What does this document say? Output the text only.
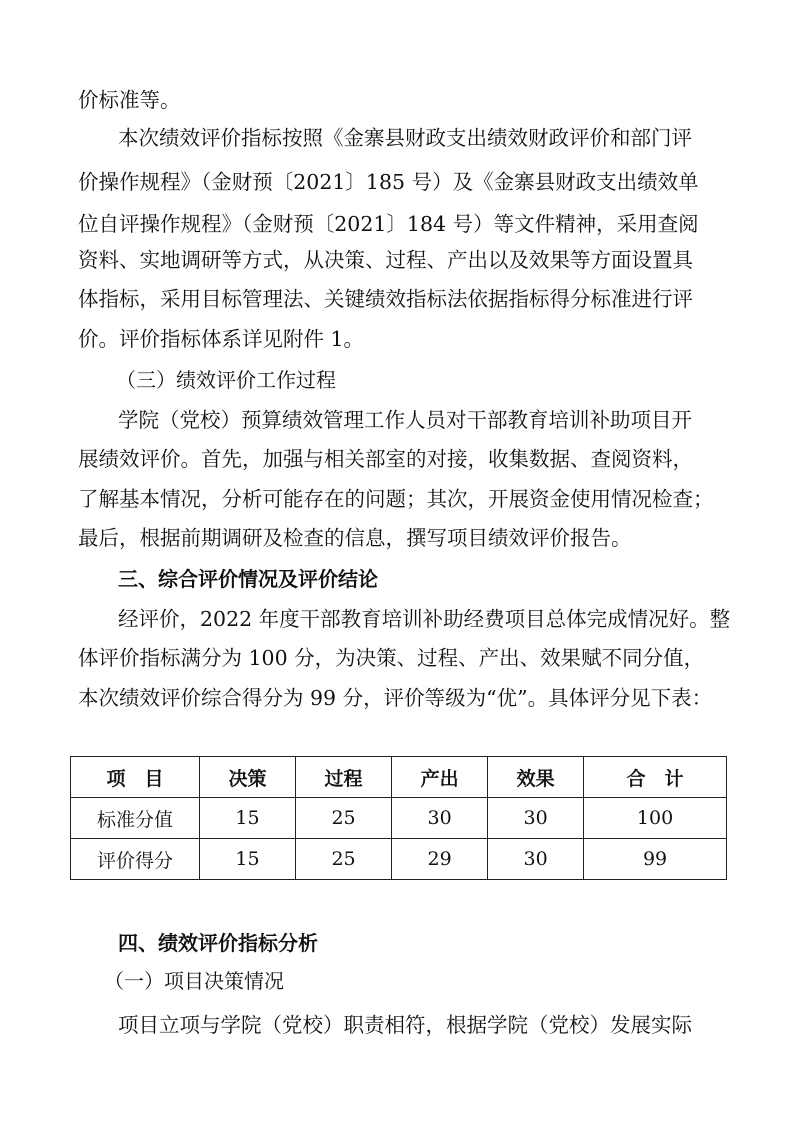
价标准等。
本次绩效评价指标按照《金寨县财政支出绩效财政评价和部门评
价操作规程》（金财预〔2021〕185 号）及《金寨县财政支出绩效单
位自评操作规程》（金财预〔2021〕184 号）等文件精神，采用查阅
资料、实地调研等方式，从决策、过程、产出以及效果等方面设置具
体指标，采用目标管理法、关键绩效指标法依据指标得分标准进行评
价。评价指标体系详见附件 1。
（三）绩效评价工作过程
学院（党校）预算绩效管理工作人员对干部教育培训补助项目开
展绩效评价。首先，加强与相关部室的对接，收集数据、查阅资料，
了解基本情况，分析可能存在的问题；其次，开展资金使用情况检查；
最后，根据前期调研及检查的信息，撰写项目绩效评价报告。
三、综合评价情况及评价结论
经评价，2022 年度干部教育培训补助经费项目总体完成情况好。整
体评价指标满分为 100 分，为决策、过程、产出、效果赋不同分值，
本次绩效评价综合得分为 99 分，评价等级为“优”。具体评分见下表：
项　目	决策	过程	产出	效果	合　计
标准分值	15	25	30	30	100
评价得分	15	25	29	30	99
四、绩效评价指标分析
（一）项目决策情况
项目立项与学院（党校）职责相符，根据学院（党校）发展实际
